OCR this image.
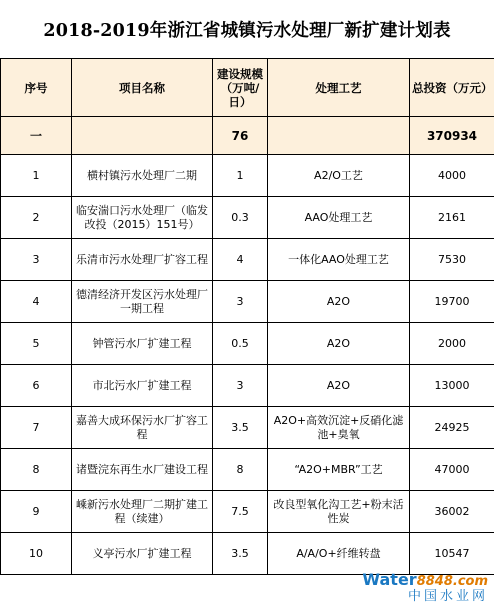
2018-2019年浙江省城镇污水处理厂新扩建计划表
序号	项目名称	建设规模（万吨/日）	处理工艺	总投资（万元）
一		76		370934
1	横村镇污水处理厂二期	1	A2/O工艺	4000
2	临安湍口污水处理厂（临发改投（2015）151号）	0.3	AAO处理工艺	2161
3	乐清市污水处理厂扩容工程	4	一体化AAO处理工艺	7530
4	德清经济开发区污水处理厂一期工程	3	A2O	19700
5	钟管污水厂扩建工程	0.5	A2O	2000
6	市北污水厂扩建工程	3	A2O	13000
7	嘉善大成环保污水厂扩容工程	3.5	A2O+高效沉淀+反硝化滤池+臭氧	24925
8	诸暨浣东再生水厂建设工程	8	“A2O+MBR”工艺	47000
9	嵊新污水处理厂二期扩建工程（续建）	7.5	改良型氧化沟工艺+粉末活性炭	36002
10	义亭污水厂扩建工程	3.5	A/A/O+纤维转盘	10547
Water8848.com
中国水业网
